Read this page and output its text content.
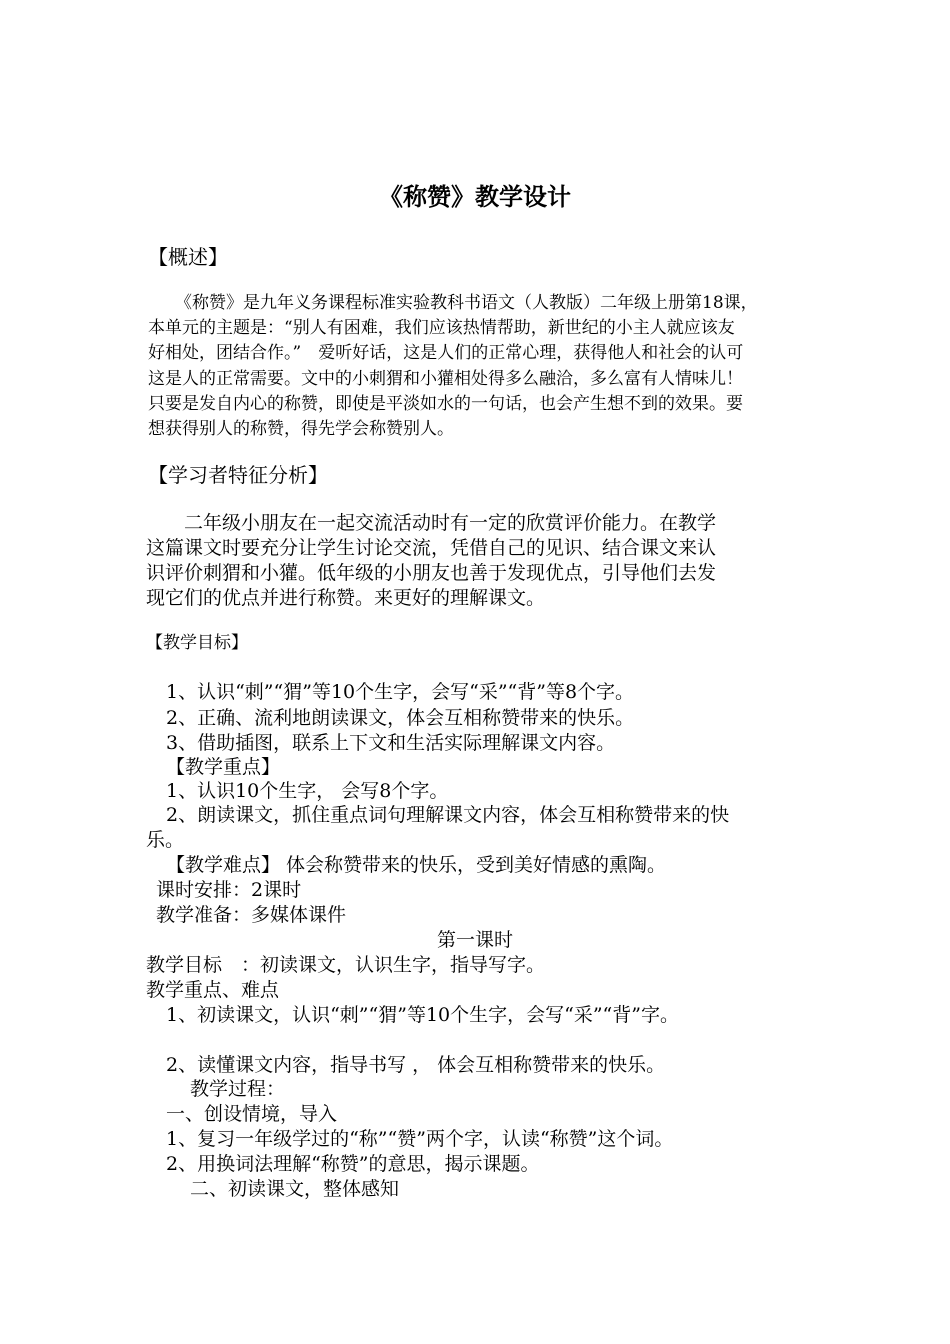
《称赞》教学设计
【概述】
《称赞》是九年义务课程标准实验教科书语文（人教版）二年级上册第18课，
本单元的主题是：“别人有困难，我们应该热情帮助，新世纪的小主人就应该友
好相处，团结合作。”　爱听好话，这是人们的正常心理，获得他人和社会的认可
这是人的正常需要。文中的小刺猬和小獾相处得多么融洽，多么富有人情味儿！
只要是发自内心的称赞，即使是平淡如水的一句话，也会产生想不到的效果。要
想获得别人的称赞，得先学会称赞别人。
【学习者特征分析】
二年级小朋友在一起交流活动时有一定的欣赏评价能力。在教学
这篇课文时要充分让学生讨论交流，凭借自己的见识、结合课文来认
识评价刺猬和小獾。低年级的小朋友也善于发现优点，引导他们去发
现它们的优点并进行称赞。来更好的理解课文。
【教学目标】
1、认识“刺”“猬”等10个生字，会写“采”“背”等8个字。
2、正确、流利地朗读课文，体会互相称赞带来的快乐。
3、借助插图，联系上下文和生活实际理解课文内容。
【教学重点】
1、认识10个生字， 会写8个字。
2、朗读课文，抓住重点词句理解课文内容，体会互相称赞带来的快
乐。
【教学难点】 体会称赞带来的快乐，受到美好情感的熏陶。
课时安排：2课时
教学准备：多媒体课件
第一课时
教学目标　：初读课文，认识生字，指导写字。
教学重点、难点
1、初读课文，认识“刺”“猬”等10个生字，会写“采”“背”字。
2、读懂课文内容，指导书写 ， 体会互相称赞带来的快乐。
教学过程：
一、创设情境，导入
1、复习一年级学过的“称”“赞”两个字，认读“称赞”这个词。
2、用换词法理解“称赞”的意思，揭示课题。
二、初读课文，整体感知
